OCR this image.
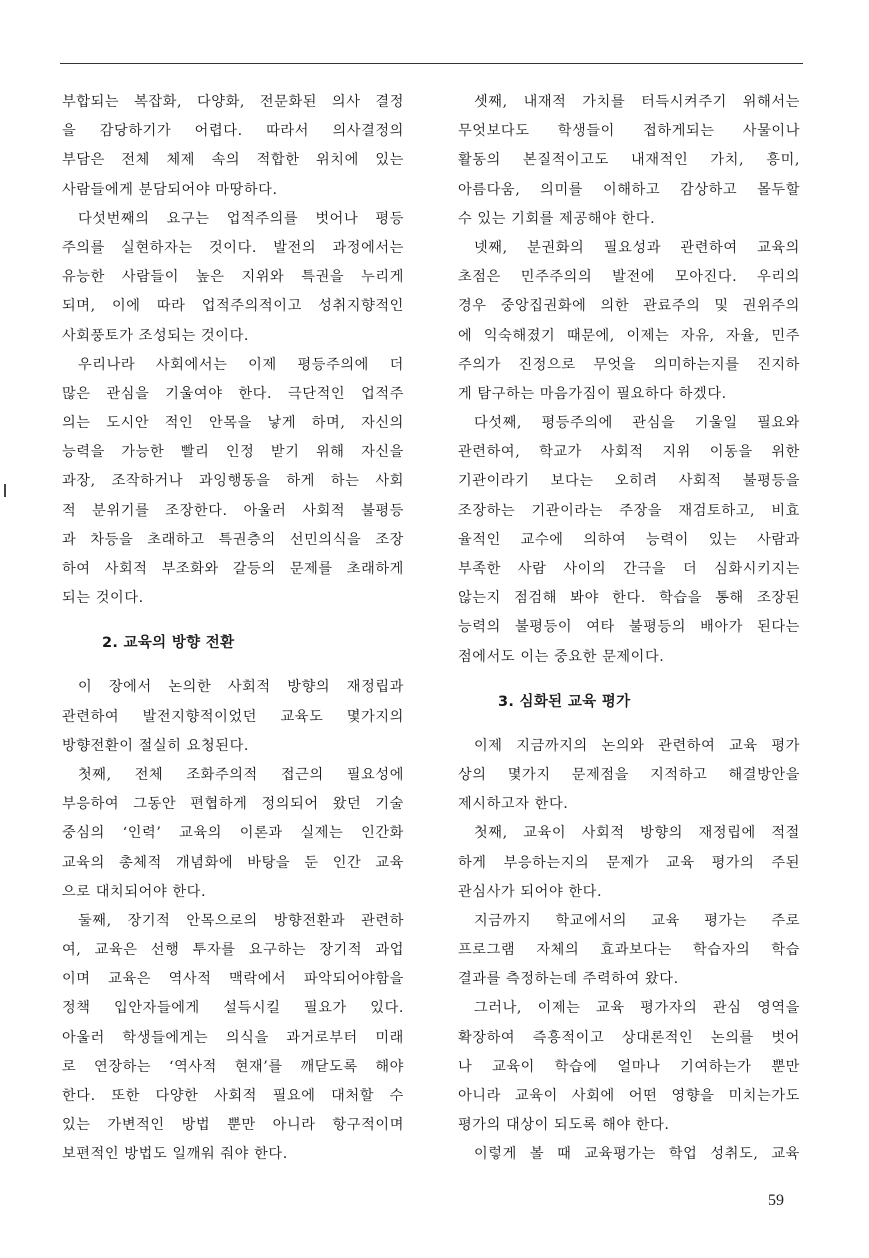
부합되는 복잡화, 다양화, 전문화된 의사 결정
을 감당하기가 어렵다. 따라서 의사결정의
부담은 전체 체제 속의 적합한 위치에 있는
사람들에게 분담되어야 마땅하다.
다섯번째의 요구는 업적주의를 벗어나 평등
주의를 실현하자는 것이다. 발전의 과정에서는
유능한 사람들이 높은 지위와 특권을 누리게
되며, 이에 따라 업적주의적이고 성취지향적인
사회풍토가 조성되는 것이다.
우리나라 사회에서는 이제 평등주의에 더
많은 관심을 기울여야 한다. 극단적인 업적주
의는 도시안 적인 안목을 낳게 하며, 자신의
능력을 가능한 빨리 인정 받기 위해 자신을
과장, 조작하거나 과잉행동을 하게 하는 사회
적 분위기를 조장한다. 아울러 사회적 불평등
과 차등을 초래하고 특권층의 선민의식을 조장
하여 사회적 부조화와 갈등의 문제를 초래하게
되는 것이다.
2. 교육의 방향 전환
이 장에서 논의한 사회적 방향의 재정립과
관련하여 발전지향적이었던 교육도 몇가지의
방향전환이 절실히 요청된다.
첫째, 전체 조화주의적 접근의 필요성에
부응하여 그동안 편협하게 정의되어 왔던 기술
중심의 ‘인력’ 교육의 이론과 실제는 인간화
교육의 총체적 개념화에 바탕을 둔 인간 교육
으로 대치되어야 한다.
둘째, 장기적 안목으로의 방향전환과 관련하
여, 교육은 선행 투자를 요구하는 장기적 과업
이며 교육은 역사적 맥락에서 파악되어야함을
정책 입안자들에게 설득시킬 필요가 있다.
아울러 학생들에게는 의식을 과거로부터 미래
로 연장하는 ‘역사적 현재’를 깨닫도록 해야
한다. 또한 다양한 사회적 필요에 대처할 수
있는 가변적인 방법 뿐만 아니라 항구적이며
보편적인 방법도 일깨워 줘야 한다.
셋째, 내재적 가치를 터득시켜주기 위해서는
무엇보다도 학생들이 접하게되는 사물이나
활동의 본질적이고도 내재적인 가치, 흥미,
아름다움, 의미를 이해하고 감상하고 몰두할
수 있는 기회를 제공해야 한다.
넷째, 분권화의 필요성과 관련하여 교육의
초점은 민주주의의 발전에 모아진다. 우리의
경우 중앙집권화에 의한 관료주의 및 권위주의
에 익숙해졌기 때문에, 이제는 자유, 자율, 민주
주의가 진정으로 무엇을 의미하는지를 진지하
게 탐구하는 마음가짐이 필요하다 하겠다.
다섯째, 평등주의에 관심을 기울일 필요와
관련하여, 학교가 사회적 지위 이동을 위한
기관이라기 보다는 오히려 사회적 불평등을
조장하는 기관이라는 주장을 재검토하고, 비효
율적인 교수에 의하여 능력이 있는 사람과
부족한 사람 사이의 간극을 더 심화시키지는
않는지 점검해 봐야 한다. 학습을 통해 조장된
능력의 불평등이 여타 불평등의 배아가 된다는
점에서도 이는 중요한 문제이다.
3. 심화된 교육 평가
이제 지금까지의 논의와 관련하여 교육 평가
상의 몇가지 문제점을 지적하고 해결방안을
제시하고자 한다.
첫째, 교육이 사회적 방향의 재정립에 적절
하게 부응하는지의 문제가 교육 평가의 주된
관심사가 되어야 한다.
지금까지 학교에서의 교육 평가는 주로
프로그램 자체의 효과보다는 학습자의 학습
결과를 측정하는데 주력하여 왔다.
그러나, 이제는 교육 평가자의 관심 영역을
확장하여 즉흥적이고 상대론적인 논의를 벗어
나 교육이 학습에 얼마나 기여하는가 뿐만
아니라 교육이 사회에 어떤 영향을 미치는가도
평가의 대상이 되도록 해야 한다.
이렇게 볼 때 교육평가는 학업 성취도, 교육
59
